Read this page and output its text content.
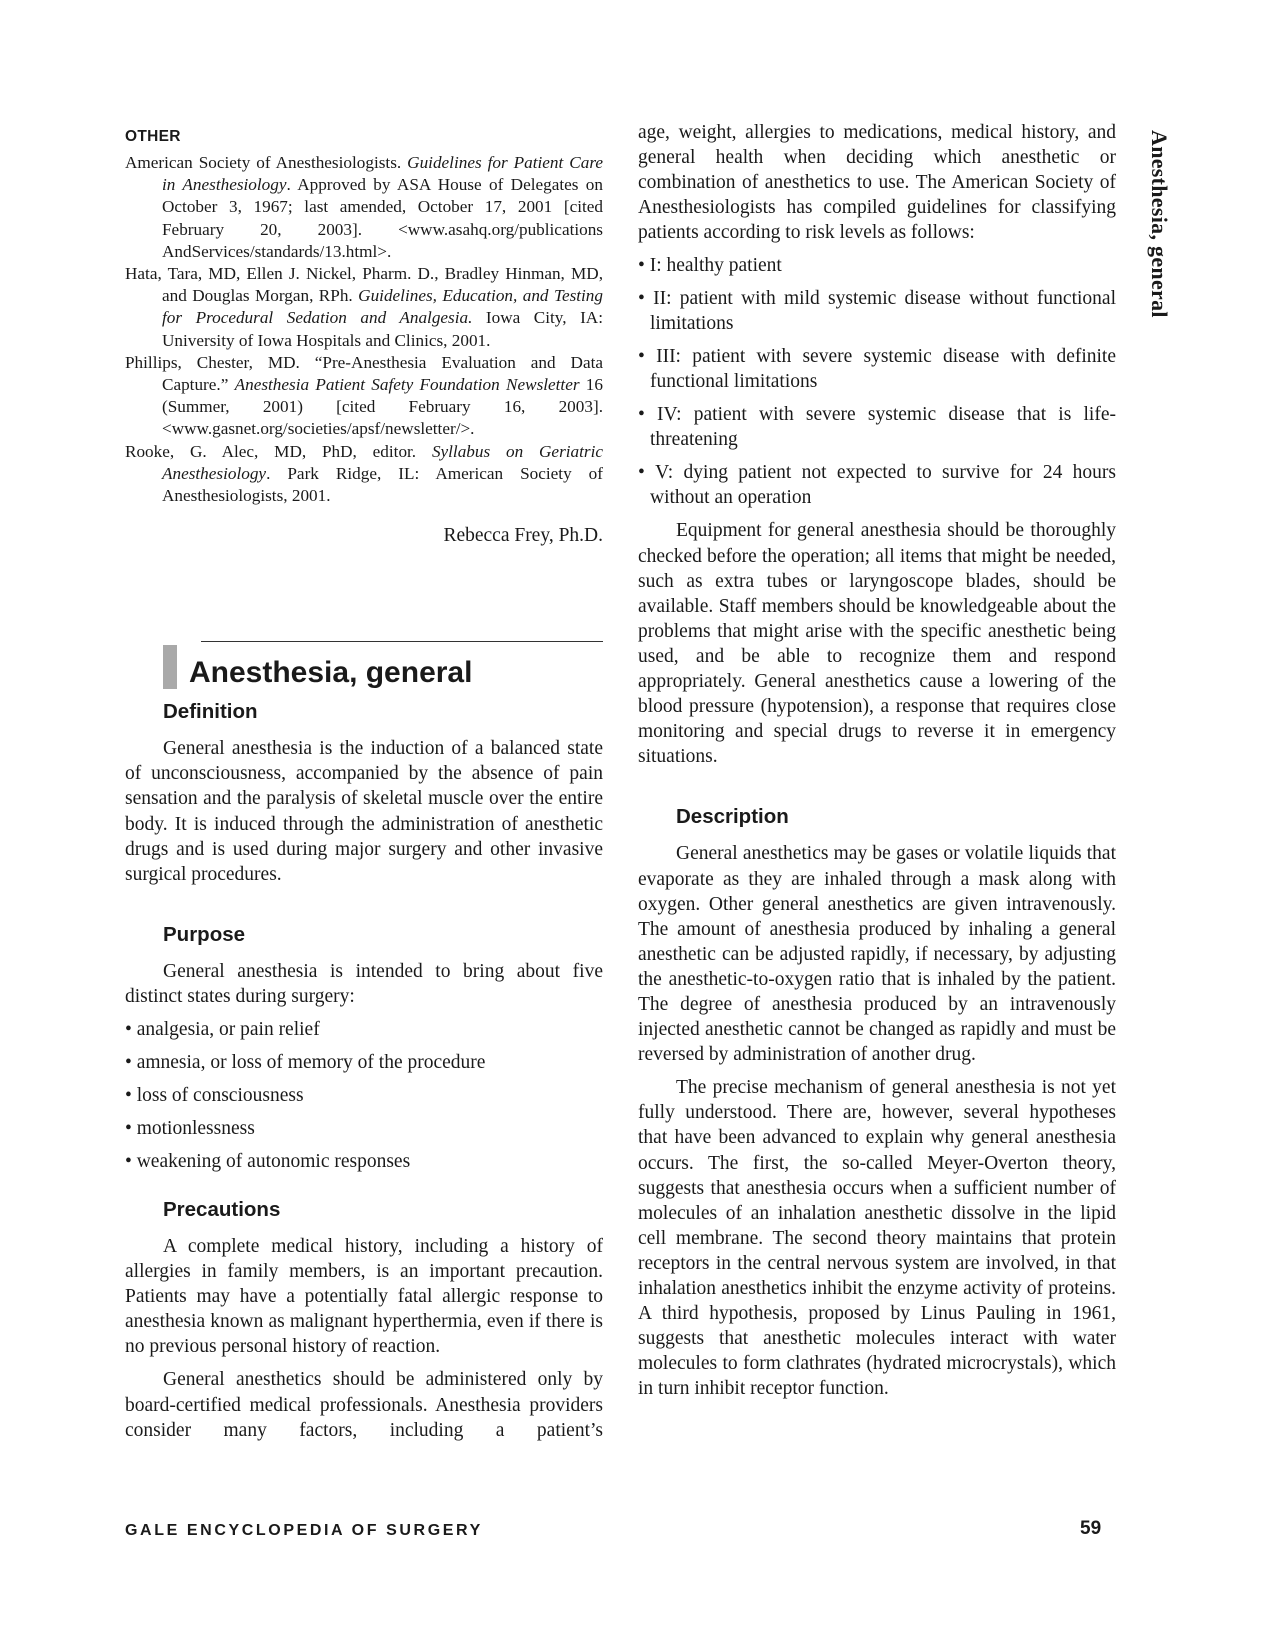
OTHER

American Society of Anesthesiologists. Guidelines for Patient Care in Anesthesiology. Approved by ASA House of Delegates on October 3, 1967; last amended, October 17, 2001 [cited February 20, 2003]. <www.asahq.org/publications AndServices/standards/13.html>.

Hata, Tara, MD, Ellen J. Nickel, Pharm. D., Bradley Hinman, MD, and Douglas Morgan, RPh. Guidelines, Education, and Testing for Procedural Sedation and Analgesia. Iowa City, IA: University of Iowa Hospitals and Clinics, 2001.

Phillips, Chester, MD. “Pre-Anesthesia Evaluation and Data Capture.” Anesthesia Patient Safety Foundation Newsletter 16 (Summer, 2001) [cited February 16, 2003]. <www.gasnet.org/societies/apsf/newsletter/>.

Rooke, G. Alec, MD, PhD, editor. Syllabus on Geriatric Anesthesiology. Park Ridge, IL: American Society of Anesthesiologists, 2001.

Rebecca Frey, Ph.D.

Anesthesia, general
Definition

General anesthesia is the induction of a balanced state of unconsciousness, accompanied by the absence of pain sensation and the paralysis of skeletal muscle over the entire body. It is induced through the administration of anesthetic drugs and is used during major surgery and other invasive surgical procedures.

Purpose

General anesthesia is intended to bring about five distinct states during surgery:

• analgesia, or pain relief
• amnesia, or loss of memory of the procedure
• loss of consciousness
• motionlessness
• weakening of autonomic responses
Precautions

A complete medical history, including a history of allergies in family members, is an important precaution. Patients may have a potentially fatal allergic response to anesthesia known as malignant hyperthermia, even if there is no previous personal history of reaction.

General anesthetics should be administered only by board-certified medical professionals. Anesthesia providers consider many factors, including a patient’s

age, weight, allergies to medications, medical history, and general health when deciding which anesthetic or combination of anesthetics to use. The American Society of Anesthesiologists has compiled guidelines for classifying patients according to risk levels as follows:

• I: healthy patient
• II: patient with mild systemic disease without functional limitations
• III: patient with severe systemic disease with definite functional limitations
• IV: patient with severe systemic disease that is life-threatening
• V: dying patient not expected to survive for 24 hours without an operation

Equipment for general anesthesia should be thoroughly checked before the operation; all items that might be needed, such as extra tubes or laryngoscope blades, should be available. Staff members should be knowledgeable about the problems that might arise with the specific anesthetic being used, and be able to recognize them and respond appropriately. General anesthetics cause a lowering of the blood pressure (hypotension), a response that requires close monitoring and special drugs to reverse it in emergency situations.

Description

General anesthetics may be gases or volatile liquids that evaporate as they are inhaled through a mask along with oxygen. Other general anesthetics are given intravenously. The amount of anesthesia produced by inhaling a general anesthetic can be adjusted rapidly, if necessary, by adjusting the anesthetic-to-oxygen ratio that is inhaled by the patient. The degree of anesthesia produced by an intravenously injected anesthetic cannot be changed as rapidly and must be reversed by administration of another drug.

The precise mechanism of general anesthesia is not yet fully understood. There are, however, several hypotheses that have been advanced to explain why general anesthesia occurs. The first, the so-called Meyer-Overton theory, suggests that anesthesia occurs when a sufficient number of molecules of an inhalation anesthetic dissolve in the lipid cell membrane. The second theory maintains that protein receptors in the central nervous system are involved, in that inhalation anesthetics inhibit the enzyme activity of proteins. A third hypothesis, proposed by Linus Pauling in 1961, suggests that anesthetic molecules interact with water molecules to form clathrates (hydrated microcrystals), which in turn inhibit receptor function.

Anesthesia, general
GALE ENCYCLOPEDIA OF SURGERY	59
